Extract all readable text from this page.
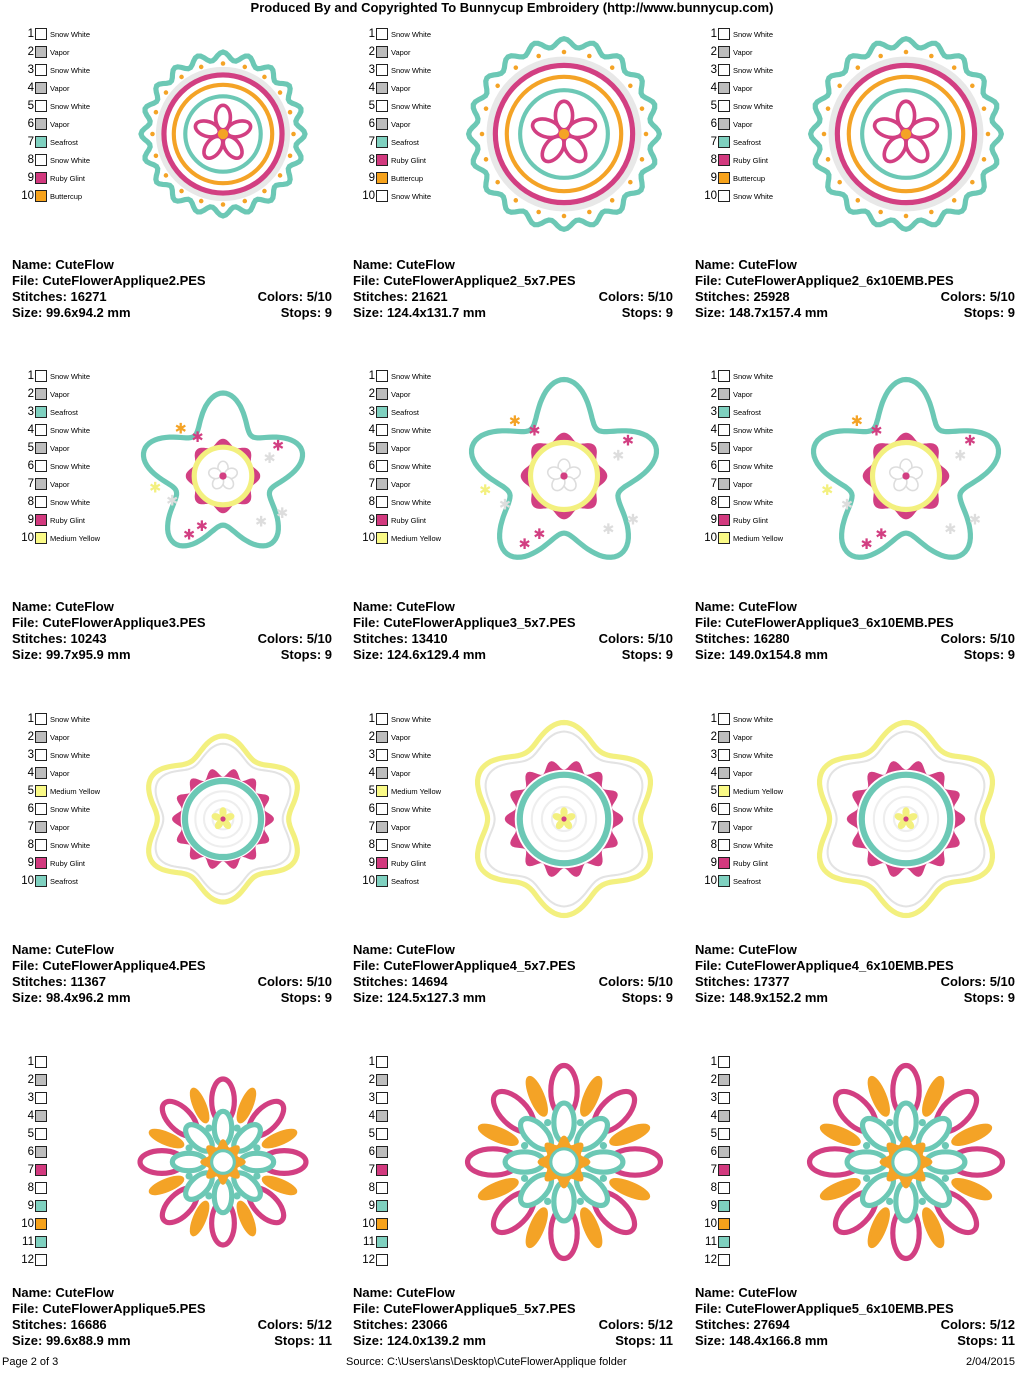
Produced By and Copyrighted To Bunnycup Embroidery (http://www.bunnycup.com)
1 Snow White
2 Vapor
3 Snow White
4 Vapor
5 Snow White
6 Vapor
7 Seafrost
8 Snow White
9 Ruby Glint
10 Buttercup
Name: CuteFlow
File: CuteFlowerApplique2.PES
Stitches: 16271	Colors: 5/10
Size: 99.6x94.2 mm	Stops: 9
1 Snow White
2 Vapor
3 Snow White
4 Vapor
5 Snow White
6 Vapor
7 Seafrost
8 Ruby Glint
9 Buttercup
10 Snow White
Name: CuteFlow
File: CuteFlowerApplique2_5x7.PES
Stitches: 21621	Colors: 5/10
Size: 124.4x131.7 mm	Stops: 9
1 Snow White
2 Vapor
3 Snow White
4 Vapor
5 Snow White
6 Vapor
7 Seafrost
8 Ruby Glint
9 Buttercup
10 Snow White
Name: CuteFlow
File: CuteFlowerApplique2_6x10EMB.PES
Stitches: 25928	Colors: 5/10
Size: 148.7x157.4 mm	Stops: 9
1 Snow White
2 Vapor
3 Seafrost
4 Snow White
5 Vapor
6 Snow White
7 Vapor
8 Snow White
9 Ruby Glint
10 Medium Yellow
✱
✱
✱
✱
✱
✱
✱
✱
✱
✱
Name: CuteFlow
File: CuteFlowerApplique3.PES
Stitches: 10243	Colors: 5/10
Size: 99.7x95.9 mm	Stops: 9
1 Snow White
2 Vapor
3 Seafrost
4 Snow White
5 Vapor
6 Snow White
7 Vapor
8 Snow White
9 Ruby Glint
10 Medium Yellow
✱
✱
✱
✱
✱
✱
✱
✱
✱
✱
Name: CuteFlow
File: CuteFlowerApplique3_5x7.PES
Stitches: 13410	Colors: 5/10
Size: 124.6x129.4 mm	Stops: 9
1 Snow White
2 Vapor
3 Seafrost
4 Snow White
5 Vapor
6 Snow White
7 Vapor
8 Snow White
9 Ruby Glint
10 Medium Yellow
✱
✱
✱
✱
✱
✱
✱
✱
✱
✱
Name: CuteFlow
File: CuteFlowerApplique3_6x10EMB.PES
Stitches: 16280	Colors: 5/10
Size: 149.0x154.8 mm	Stops: 9
1 Snow White
2 Vapor
3 Snow White
4 Vapor
5 Medium Yellow
6 Snow White
7 Vapor
8 Snow White
9 Ruby Glint
10 Seafrost
Name: CuteFlow
File: CuteFlowerApplique4.PES
Stitches: 11367	Colors: 5/10
Size: 98.4x96.2 mm	Stops: 9
1 Snow White
2 Vapor
3 Snow White
4 Vapor
5 Medium Yellow
6 Snow White
7 Vapor
8 Snow White
9 Ruby Glint
10 Seafrost
Name: CuteFlow
File: CuteFlowerApplique4_5x7.PES
Stitches: 14694	Colors: 5/10
Size: 124.5x127.3 mm	Stops: 9
1 Snow White
2 Vapor
3 Snow White
4 Vapor
5 Medium Yellow
6 Snow White
7 Vapor
8 Snow White
9 Ruby Glint
10 Seafrost
Name: CuteFlow
File: CuteFlowerApplique4_6x10EMB.PES
Stitches: 17377	Colors: 5/10
Size: 148.9x152.2 mm	Stops: 9
1
2
3
4
5
6
7
8
9
10
11
12
Name: CuteFlow
File: CuteFlowerApplique5.PES
Stitches: 16686	Colors: 5/12
Size: 99.6x88.9 mm	Stops: 11
1
2
3
4
5
6
7
8
9
10
11
12
Name: CuteFlow
File: CuteFlowerApplique5_5x7.PES
Stitches: 23066	Colors: 5/12
Size: 124.0x139.2 mm	Stops: 11
1
2
3
4
5
6
7
8
9
10
11
12
Name: CuteFlow
File: CuteFlowerApplique5_6x10EMB.PES
Stitches: 27694	Colors: 5/12
Size: 148.4x166.8 mm	Stops: 11
Page 2 of 3	Source: C:\Users\ans\Desktop\CuteFlowerApplique folder	2/04/2015
